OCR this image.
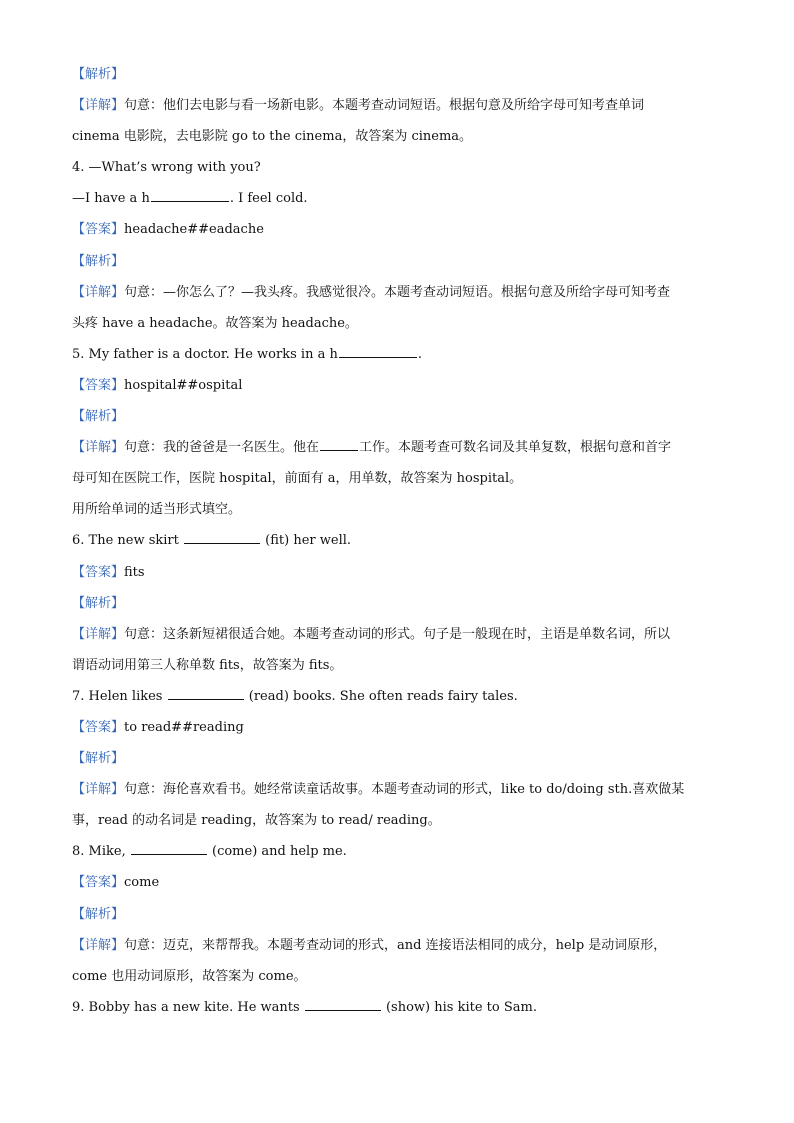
【解析】
【详解】句意：他们去电影与看一场新电影。本题考查动词短语。根据句意及所给字母可知考查单词
cinema 电影院，去电影院 go to the cinema，故答案为 cinema。
4. —What’s wrong with you?
—I have a h	. I feel cold.
【答案】headache##eadache
【解析】
【详解】句意：—你怎么了？—我头疼。我感觉很冷。本题考查动词短语。根据句意及所给字母可知考查
头疼 have a headache。故答案为 headache。
5. My father is a doctor. He works in a h	.
【答案】hospital##ospital
【解析】
【详解】句意：我的爸爸是一名医生。他在	工作。本题考查可数名词及其单复数，根据句意和首字
母可知在医院工作，医院 hospital，前面有 a，用单数，故答案为 hospital。
用所给单词的适当形式填空。
6. The new skirt	(fit) her well.
【答案】fits
【解析】
【详解】句意：这条新短裙很适合她。本题考查动词的形式。句子是一般现在时，主语是单数名词，所以
谓语动词用第三人称单数 fits，故答案为 fits。
7. Helen likes	(read) books. She often reads fairy tales.
【答案】to read##reading
【解析】
【详解】句意：海伦喜欢看书。她经常读童话故事。本题考查动词的形式，like to do/doing sth.喜欢做某
事，read 的动名词是 reading，故答案为 to read/ reading。
8. Mike,	(come) and help me.
【答案】come
【解析】
【详解】句意：迈克，来帮帮我。本题考查动词的形式，and 连接语法相同的成分，help 是动词原形，
come 也用动词原形，故答案为 come。
9. Bobby has a new kite. He wants	(show) his kite to Sam.
